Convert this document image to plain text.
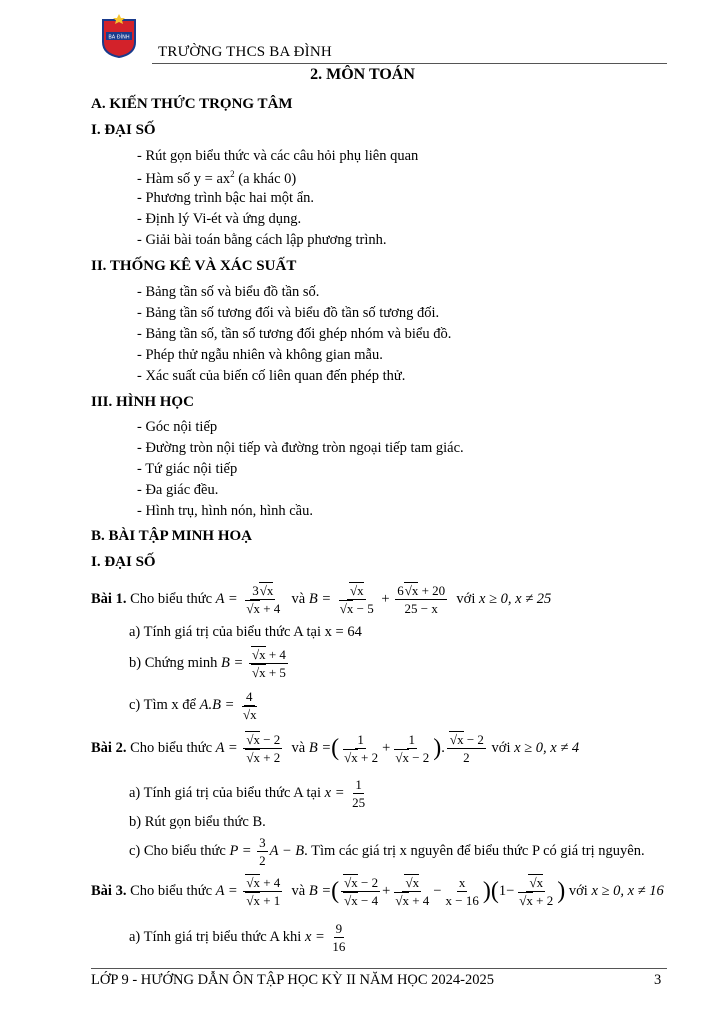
BA ĐÌNH
TRƯỜNG THCS BA ĐÌNH
2. MÔN TOÁN
A. KIẾN THỨC TRỌNG TÂM
I. ĐẠI SỐ
- Rút gọn biểu thức và các câu hỏi phụ liên quan
- Hàm số $y = ax^2$ (a khác 0)
- Phương trình bậc hai một ẩn.
- Định lý Vi-ét và ứng dụng.
- Giải bài toán bằng cách lập phương trình.
II. THỐNG KÊ VÀ XÁC SUẤT
- Bảng tần số và biểu đồ tần số.
- Bảng tần số tương đối và biểu đồ tần số tương đối.
- Bảng tần số, tần số tương đối ghép nhóm và biểu đồ.
- Phép thử ngẫu nhiên và không gian mẫu.
- Xác suất của biến cố liên quan đến phép thử.
III. HÌNH HỌC
- Góc nội tiếp
- Đường tròn nội tiếp và đường tròn ngoại tiếp tam giác.
- Tứ giác nội tiếp
- Đa giác đều.
- Hình trụ, hình nón, hình cầu.
B. BÀI TẬP MINH HOẠ
I. ĐẠI SỐ
Bài 1. Cho biểu thức A = 3 √ x
√ x + 4 và B = √ x
√ $x - 5 + \frac{6 √ x + 20}{25 - x}$ với x ≥ 0, x ≠ 25
a) Tính giá trị của biểu thức A tại x = 64
b) Chứng minh B = √ x + 4
√ x + 5
c) Tìm x để A.B = 4
√ x
Bài 2. Cho biểu thức A = √ x − 2
√ x + 2 và B =( 1
√ x + 2 + 1
√ x − 2 ). √ $\frac{x - 2}{2}$ với x ≥ 0, x ≠ 4
a) Tính giá trị của biểu thức A tại $x = \frac{1}{25}$
b) Rút gọn biểu thức B.
c) Cho biểu thức $P = \frac{3}{2}$ A − B. Tìm các giá trị x nguyên để biểu thức P có giá trị nguyên.
Bài 3. Cho biểu thức A = √ x + 4
√ x + 1 và B =( √ x − 2
√ x − 4 + √ x
√ $x + 4 - \frac{x}{x - 16} )(1-$ √ x
√ x + 2 ) với x ≥ 0, x ≠ 16
a) Tính giá trị biểu thức A khi $x = \frac{9}{16}$
LỚP 9 - HƯỚNG DẪN ÔN TẬP HỌC KỲ II NĂM HỌC 2024-2025	3
